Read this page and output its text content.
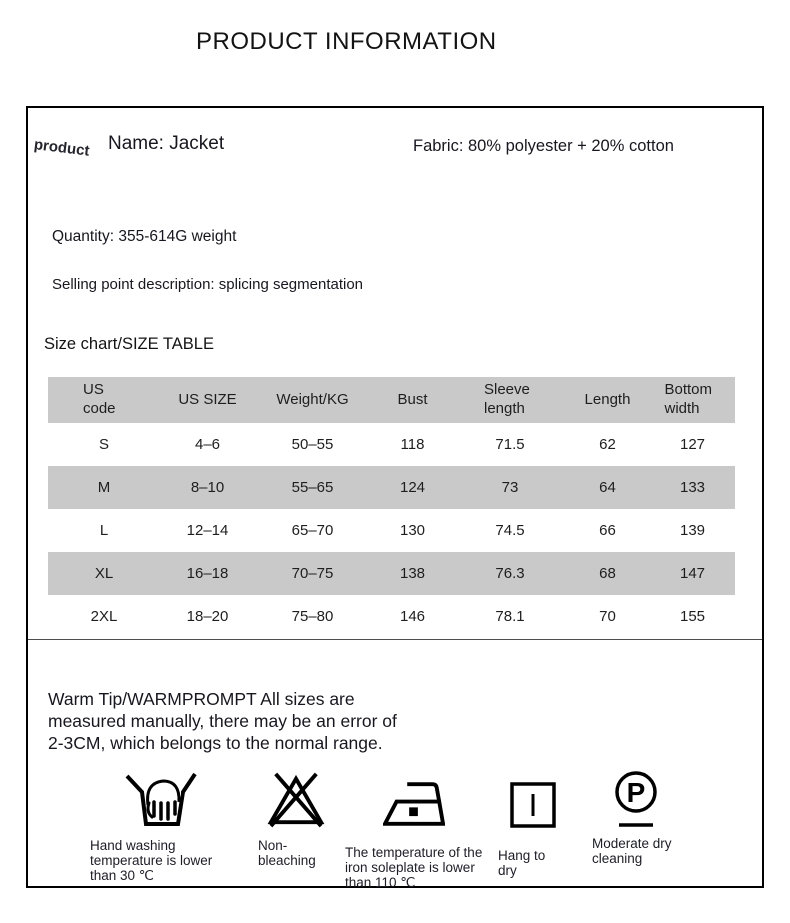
PRODUCT INFORMATION
product Name: Jacket	Fabric: 80% polyester + 20% cotton
Quantity: 355-614G weight
Selling point description: splicing segmentation
Size chart/SIZE TABLE
US code	US SIZE	Weight/KG	Bust	Sleeve length	Length	Bottom width
S	4–6	50–55	118	71.5	62	127
M	8–10	55–65	124	73	64	133
L	12–14	65–70	130	74.5	66	139
XL	16–18	70–75	138	76.3	68	147
2XL	18–20	75–80	146	78.1	70	155
Warm Tip/WARMPROMPT All sizes are
measured manually, there may be an error of
2-3CM, which belongs to the normal range.
Hand washing temperature is lower than 30 ℃
Non-bleaching
The temperature of the iron soleplate is lower than 110 ℃
Hang to dry
P
Moderate dry cleaning
